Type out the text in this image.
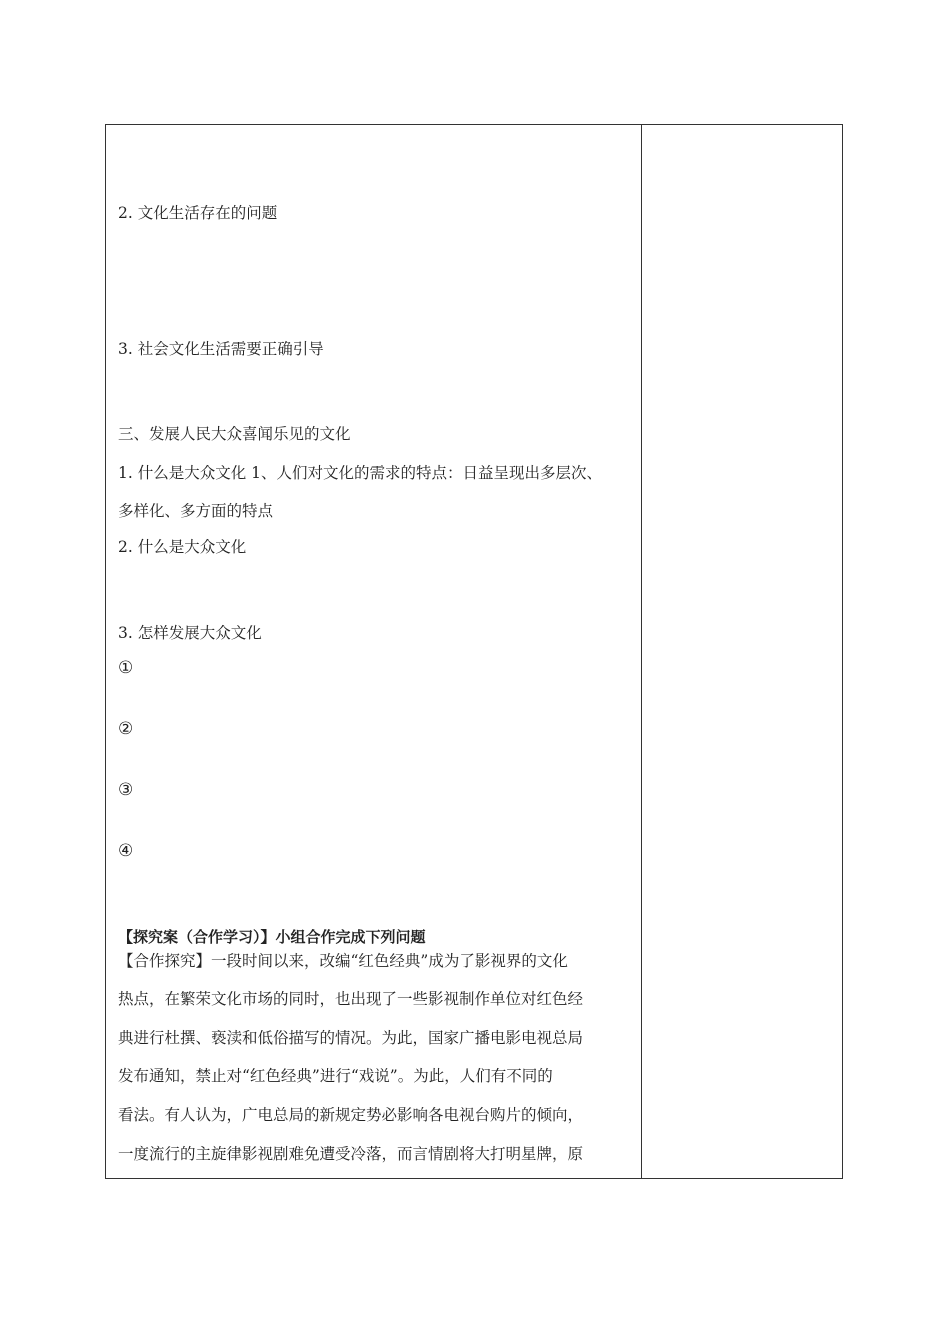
2. 文化生活存在的问题
3. 社会文化生活需要正确引导
三、发展人民大众喜闻乐见的文化
1. 什么是大众文化 1、人们对文化的需求的特点：日益呈现出多层次、
多样化、多方面的特点
2. 什么是大众文化
3. 怎样发展大众文化
①
②
③
④
【探究案（合作学习）】小组合作完成下列问题
【合作探究】一段时间以来，改编“红色经典”成为了影视界的文化
热点，在繁荣文化市场的同时，也出现了一些影视制作单位对红色经
典进行杜撰、亵渎和低俗描写的情况。为此，国家广播电影电视总局
发布通知，禁止对“红色经典”进行“戏说”。为此，人们有不同的
看法。有人认为，广电总局的新规定势必影响各电视台购片的倾向，
一度流行的主旋律影视剧难免遭受冷落，而言情剧将大打明星牌，原
